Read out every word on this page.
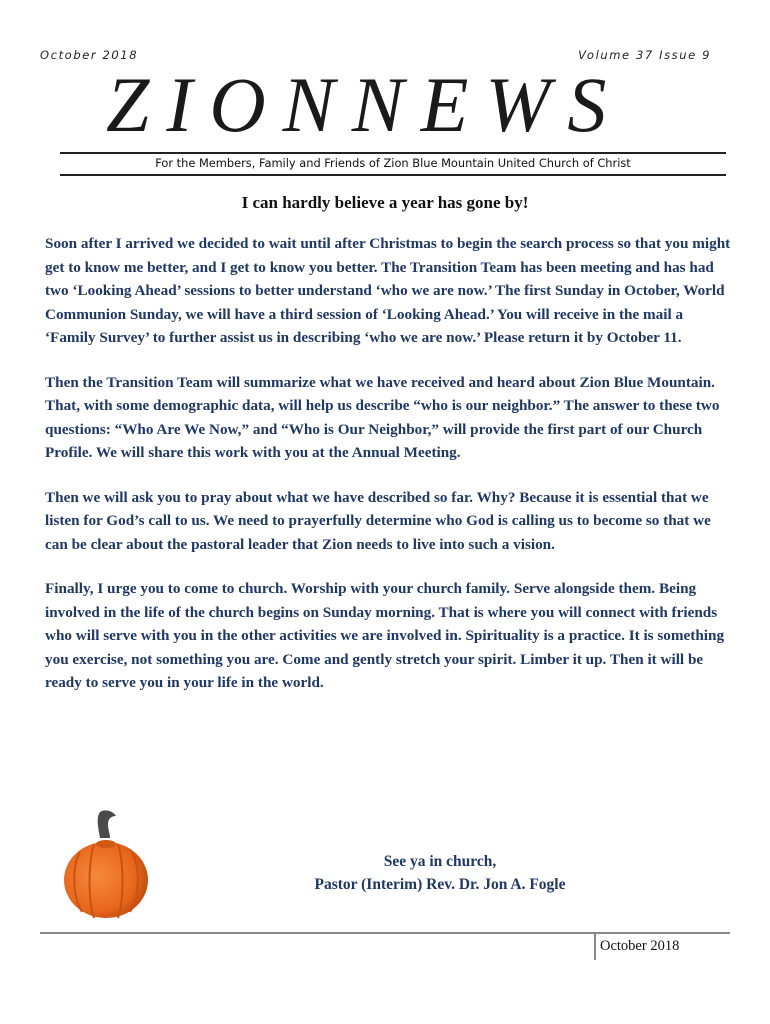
October 2018	Volume 37 Issue 9
ZIONNEWS
For the Members, Family and Friends of Zion Blue Mountain United Church of Christ
I can hardly believe a year has gone by!

Soon after I arrived we decided to wait until after Christmas to begin the search process so that you might get to know me better, and I get to know you better. The Transition Team has been meeting and has had two ‘Looking Ahead’ sessions to better understand ‘who we are now.’ The first Sunday in October, World Communion Sunday, we will have a third session of ‘Looking Ahead.’ You will receive in the mail a ‘Family Survey’ to further assist us in describing ‘who we are now.’ Please return it by October 11.

Then the Transition Team will summarize what we have received and heard about Zion Blue Mountain. That, with some demographic data, will help us describe “who is our neighbor.” The answer to these two questions: “Who Are We Now,” and “Who is Our Neighbor,” will provide the first part of our Church Profile. We will share this work with you at the Annual Meeting.

Then we will ask you to pray about what we have described so far. Why? Because it is essential that we listen for God’s call to us. We need to prayerfully determine who God is calling us to become so that we can be clear about the pastoral leader that Zion needs to live into such a vision.

Finally, I urge you to come to church. Worship with your church family. Serve alongside them. Being involved in the life of the church begins on Sunday morning. That is where you will connect with friends who will serve with you in the other activities we are involved in. Spirituality is a practice. It is something you exercise, not something you are. Come and gently stretch your spirit. Limber it up. Then it will be ready to serve you in your life in the world.

See ya in church,
Pastor (Interim) Rev. Dr. Jon A. Fogle
October 2018
